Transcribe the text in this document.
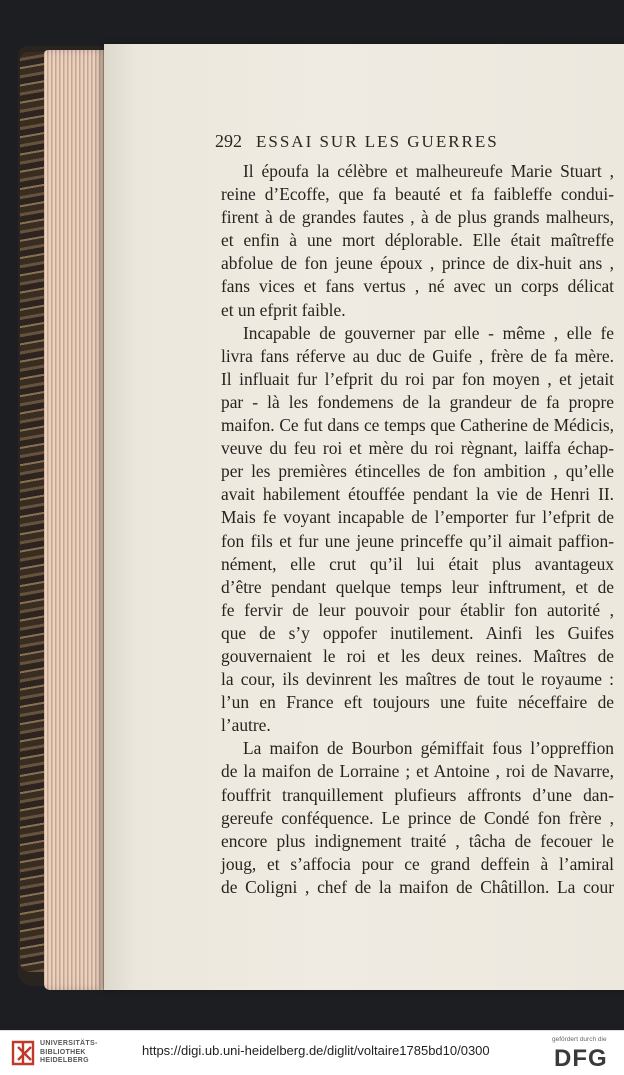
292 ESSAI SUR LES GUERRES
Il époufa la célèbre et malheureufe Marie Stuart ,
reine d’Ecoffe, que fa beauté et fa faibleffe condui-
firent à de grandes fautes , à de plus grands malheurs,
et enfin à une mort déplorable. Elle était maîtreffe
abfolue de fon jeune époux , prince de dix-huit ans ,
fans vices et fans vertus , né avec un corps délicat
et un efprit faible.
Incapable de gouverner par elle - même , elle fe
livra fans réferve au duc de Guife , frère de fa mère.
Il influait fur l’efprit du roi par fon moyen , et jetait
par - là les fondemens de la grandeur de fa propre
maifon. Ce fut dans ce temps que Catherine de Médicis,
veuve du feu roi et mère du roi règnant, laiffa échap-
per les premières étincelles de fon ambition , qu’elle
avait habilement étouffée pendant la vie de Henri II.
Mais fe voyant incapable de l’emporter fur l’efprit de
fon fils et fur une jeune princeffe qu’il aimait paffion-
nément, elle crut qu’il lui était plus avantageux
d’être pendant quelque temps leur inftrument, et de
fe fervir de leur pouvoir pour établir fon autorité ,
que de s’y oppofer inutilement. Ainfi les Guifes
gouvernaient le roi et les deux reines. Maîtres de
la cour, ils devinrent les maîtres de tout le royaume :
l’un en France eft toujours une fuite néceffaire de
l’autre.
La maifon de Bourbon gémiffait fous l’oppreffion
de la maifon de Lorraine ; et Antoine , roi de Navarre,
fouffrit tranquillement plufieurs affronts d’une dan-
gereufe conféquence. Le prince de Condé fon frère ,
encore plus indignement traité , tâcha de fecouer le
joug, et s’affocia pour ce grand deffein à l’amiral
de Coligni , chef de la maifon de Châtillon. La cour
UNIVERSITÄTS-
BIBLIOTHEK
HEIDELBERG
https://digi.ub.uni-heidelberg.de/diglit/voltaire1785bd10/0300
gefördert durch die
DFG
